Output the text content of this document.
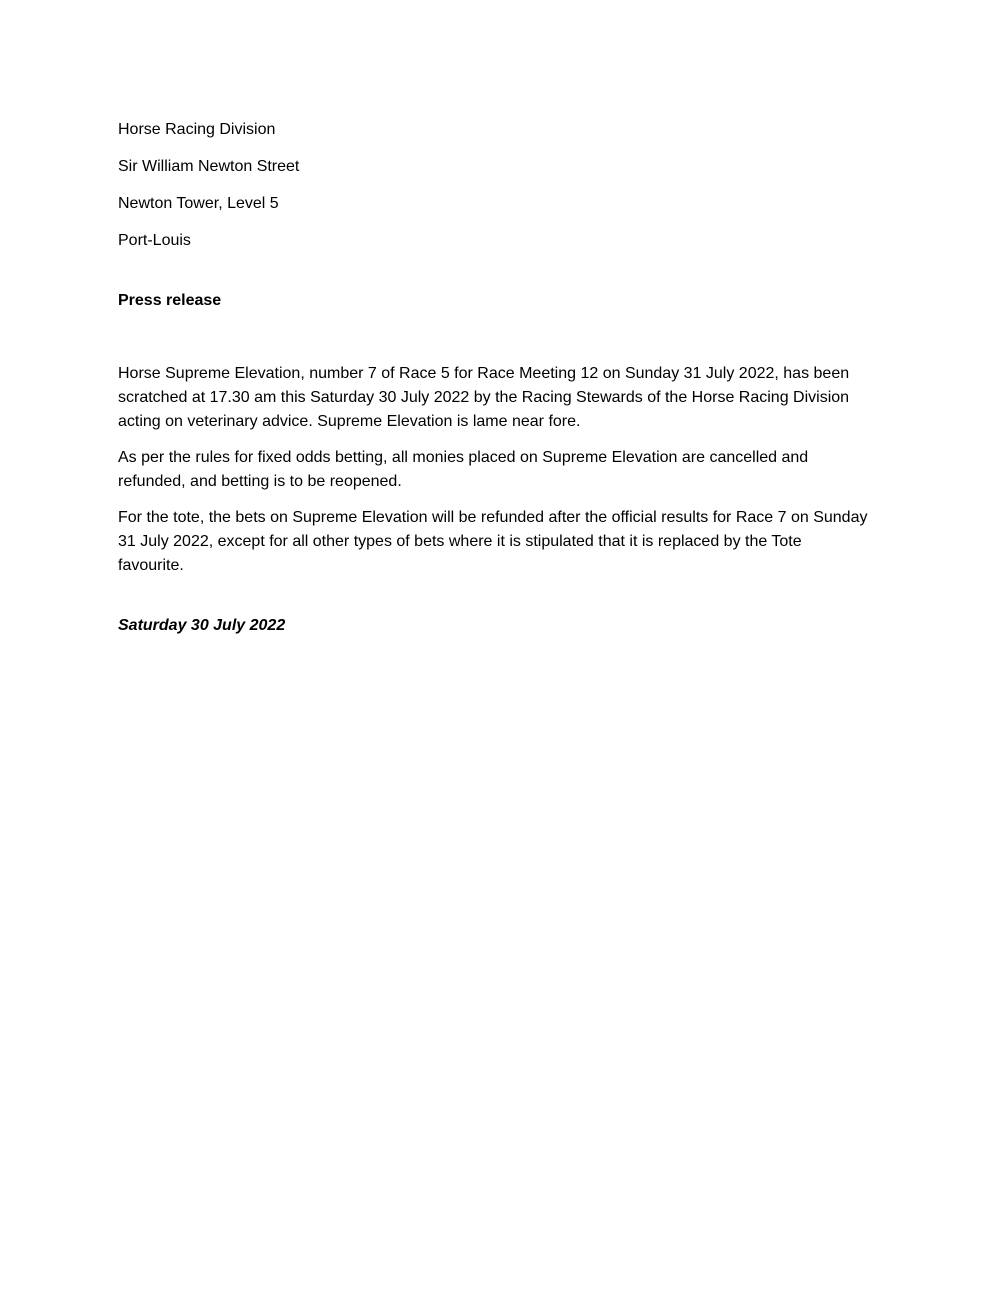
Horse Racing Division

Sir William Newton Street

Newton Tower, Level 5

Port-Louis

Press release

Horse Supreme Elevation, number 7 of Race 5 for Race Meeting 12 on Sunday 31 July 2022, has been scratched at 17.30 am this Saturday 30 July 2022 by the Racing Stewards of the Horse Racing Division acting on veterinary advice. Supreme Elevation is lame near fore.

As per the rules for fixed odds betting, all monies placed on Supreme Elevation are cancelled and refunded, and betting is to be reopened.

For the tote, the bets on Supreme Elevation will be refunded after the official results for Race 7 on Sunday 31 July 2022, except for all other types of bets where it is stipulated that it is replaced by the Tote favourite.

Saturday 30 July 2022
